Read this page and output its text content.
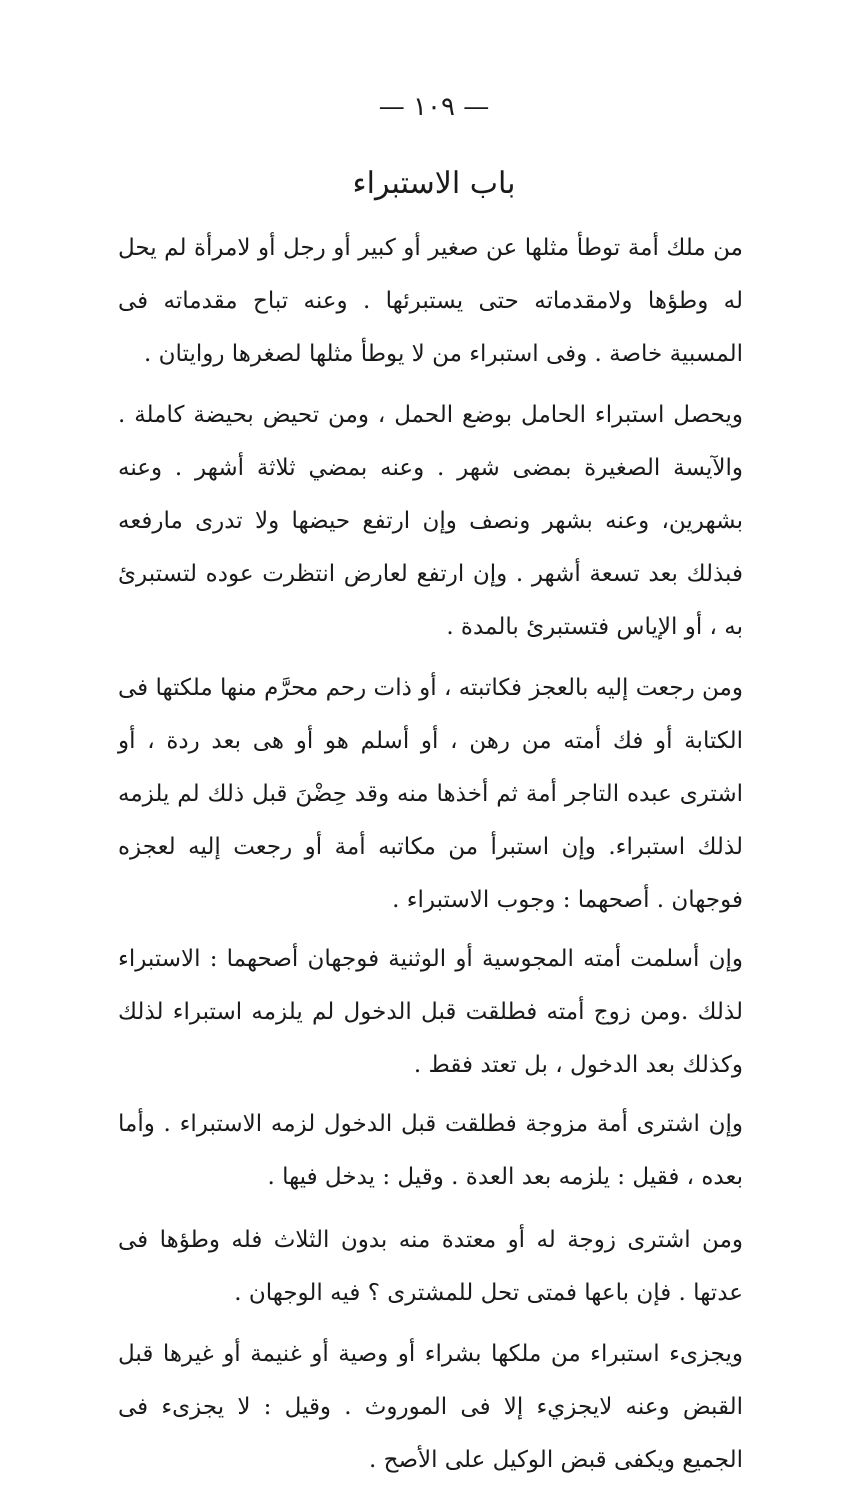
— ١٠٩ —
باب الاستبراء

من ملك أمة توطأ مثلها عن صغير أو كبير أو رجل أو لامرأة لم يحل له وطؤها ولامقدماته حتى يستبرئها . وعنه تباح مقدماته فى المسبية خاصة . وفى استبراء من لا يوطأ مثلها لصغرها روايتان .

ويحصل استبراء الحامل بوضع الحمل ، ومن تحيض بحيضة كاملة . والآيسة الصغيرة بمضى شهر . وعنه بمضي ثلاثة أشهر . وعنه بشهرين، وعنه بشهر ونصف وإن ارتفع حيضها ولا تدرى مارفعه فبذلك بعد تسعة أشهر . وإن ارتفع لعارض انتظرت عوده لتستبرئ به ، أو الإياس فتستبرئ بالمدة .

ومن رجعت إليه بالعجز فكاتبته ، أو ذات رحم محرَّم منها ملكتها فى الكتابة أو فك أمته من رهن ، أو أسلم هو أو هى بعد ردة ، أو اشترى عبده التاجر أمة ثم أخذها منه وقد حِضْنَ قبل ذلك لم يلزمه لذلك استبراء. وإن استبرأ من مكاتبه أمة أو رجعت إليه لعجزه فوجهان . أصحهما : وجوب الاستبراء .

وإن أسلمت أمته المجوسية أو الوثنية فوجهان أصحهما : الاستبراء لذلك .ومن زوج أمته فطلقت قبل الدخول لم يلزمه استبراء لذلك وكذلك بعد الدخول ، بل تعتد فقط .

وإن اشترى أمة مزوجة فطلقت قبل الدخول لزمه الاستبراء . وأما بعده ، فقيل : يلزمه بعد العدة . وقيل : يدخل فيها .

ومن اشترى زوجة له أو معتدة منه بدون الثلاث فله وطؤها فى عدتها . فإن باعها فمتى تحل للمشترى ؟ فيه الوجهان .

ويجزىء استبراء من ملكها بشراء أو وصية أو غنيمة أو غيرها قبل القبض وعنه لايجزيء إلا فى الموروث . وقيل : لا يجزىء فى الجميع ويكفى قبض الوكيل على الأصح .
